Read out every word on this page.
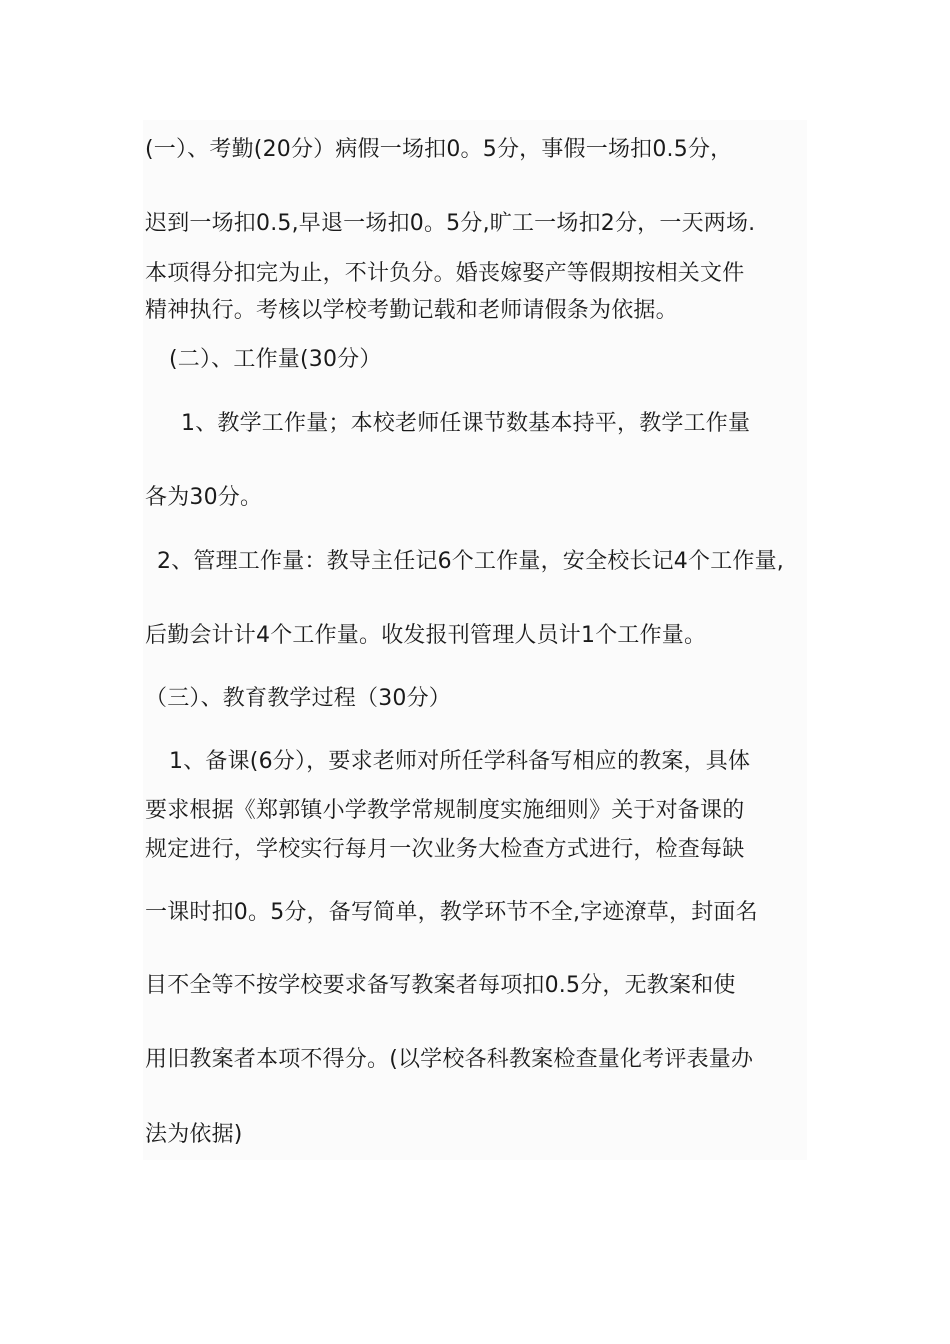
(一）、考勤(20分）病假一场扣0。5分，事假一场扣0.5分，
迟到一场扣0.5,早退一场扣0。5分,旷工一场扣2分，一天两场.
本项得分扣完为止，不计负分。婚丧嫁娶产等假期按相关文件
精神执行。考核以学校考勤记载和老师请假条为依据。
(二）、工作量(30分）
1、教学工作量；本校老师任课节数基本持平，教学工作量
各为30分。
2、管理工作量：教导主任记6个工作量，安全校长记4个工作量,
后勤会计计4个工作量。收发报刊管理人员计1个工作量。
（三）、教育教学过程（30分）
1、备课(6分），要求老师对所任学科备写相应的教案，具体
要求根据《郑郭镇小学教学常规制度实施细则》关于对备课的
规定进行，学校实行每月一次业务大检查方式进行，检查每缺
一课时扣0。5分，备写简单，教学环节不全,字迹潦草，封面名
目不全等不按学校要求备写教案者每项扣0.5分，无教案和使
用旧教案者本项不得分。(以学校各科教案检查量化考评表量办
法为依据)
